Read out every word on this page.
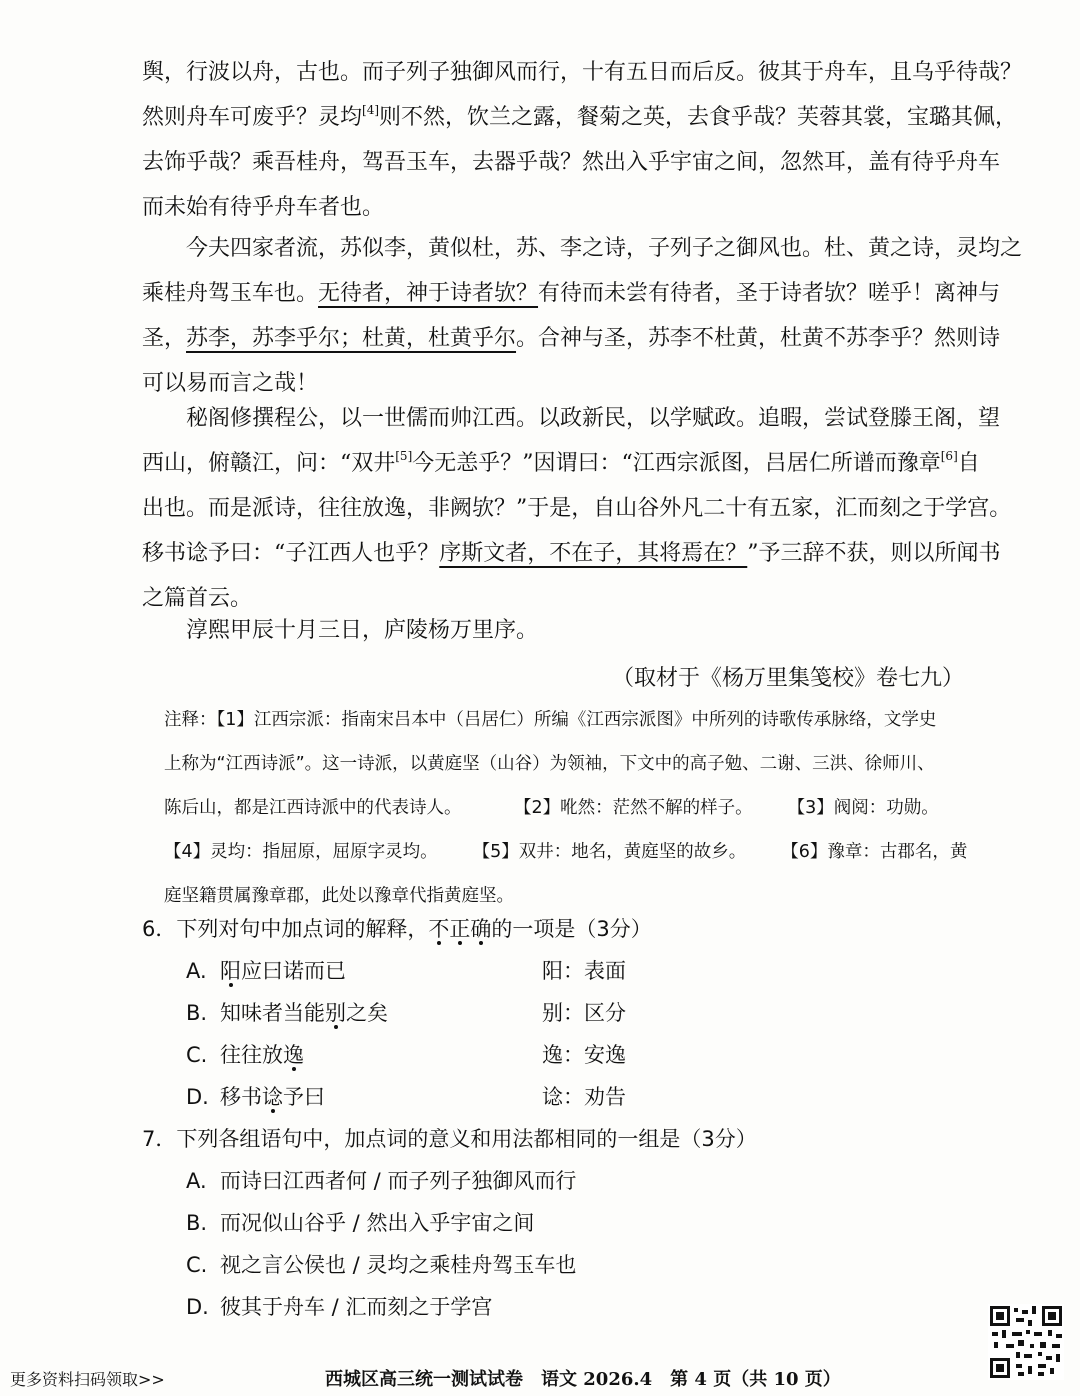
舆，行波以舟，古也。而子列子独御风而行，十有五日而后反。彼其于舟车，且乌乎待哉？
然则舟车可废乎？灵均[4]则不然，饮兰之露，餐菊之英，去食乎哉？芙蓉其裳，宝璐其佩，
去饰乎哉？乘吾桂舟，驾吾玉车，去器乎哉？然出入乎宇宙之间，忽然耳，盖有待乎舟车
而未始有待乎舟车者也。
今夫四家者流，苏似李，黄似杜，苏、李之诗，子列子之御风也。杜、黄之诗，灵均之
乘桂舟驾玉车也。无待者，神于诗者欤？有待而未尝有待者，圣于诗者欤？嗟乎！离神与
圣，苏李，苏李乎尔；杜黄，杜黄乎尔。合神与圣，苏李不杜黄，杜黄不苏李乎？然则诗
可以易而言之哉！
秘阁修撰程公，以一世儒而帅江西。以政新民，以学赋政。追暇，尝试登滕王阁，望
西山，俯赣江，问：“双井[5]今无恙乎？”因谓曰：“江西宗派图，吕居仁所谱而豫章[6]自
出也。而是派诗，往往放逸，非阙欤？”于是，自山谷外凡二十有五家，汇而刻之于学宫。
移书谂予曰：“子江西人也乎？序斯文者，不在子，其将焉在？”予三辞不获，则以所闻书
之篇首云。
淳熙甲辰十月三日，庐陵杨万里序。
（取材于《杨万里集笺校》卷七九）
注释：【1】江西宗派：指南宋吕本中（吕居仁）所编《江西宗派图》中所列的诗歌传承脉络，文学史
上称为“江西诗派”。这一诗派，以黄庭坚（山谷）为领袖，下文中的高子勉、二谢、三洪、徐师川、
陈后山，都是江西诗派中的代表诗人。　　　　【2】吪然：茫然不解的样子。　　　【3】阀阅：功勋。
【4】灵均：指屈原，屈原字灵均。　　　【5】双井：地名，黄庭坚的故乡。　　　【6】豫章：古郡名，黄
庭坚籍贯属豫章郡，此处以豫章代指黄庭坚。
6．下列对句中加点词的解释，不正确的一项是（3分）
A. 阳应曰诺而已	阳：表面
B. 知味者当能别之矣	别：区分
C. 往往放逸	逸：安逸
D. 移书谂予曰	谂：劝告
7．下列各组语句中，加点词的意义和用法都相同的一组是（3分）
A. 而诗曰江西者何 / 而子列子独御风而行
B. 而况似山谷乎 / 然出入乎宇宙之间
C. 视之言公侯也 / 灵均之乘桂舟驾玉车也
D. 彼其于舟车 / 汇而刻之于学宫
更多资料扫码领取>>	西城区高三统一测试试卷　语文 2026.4　第 4 页（共 10 页）
